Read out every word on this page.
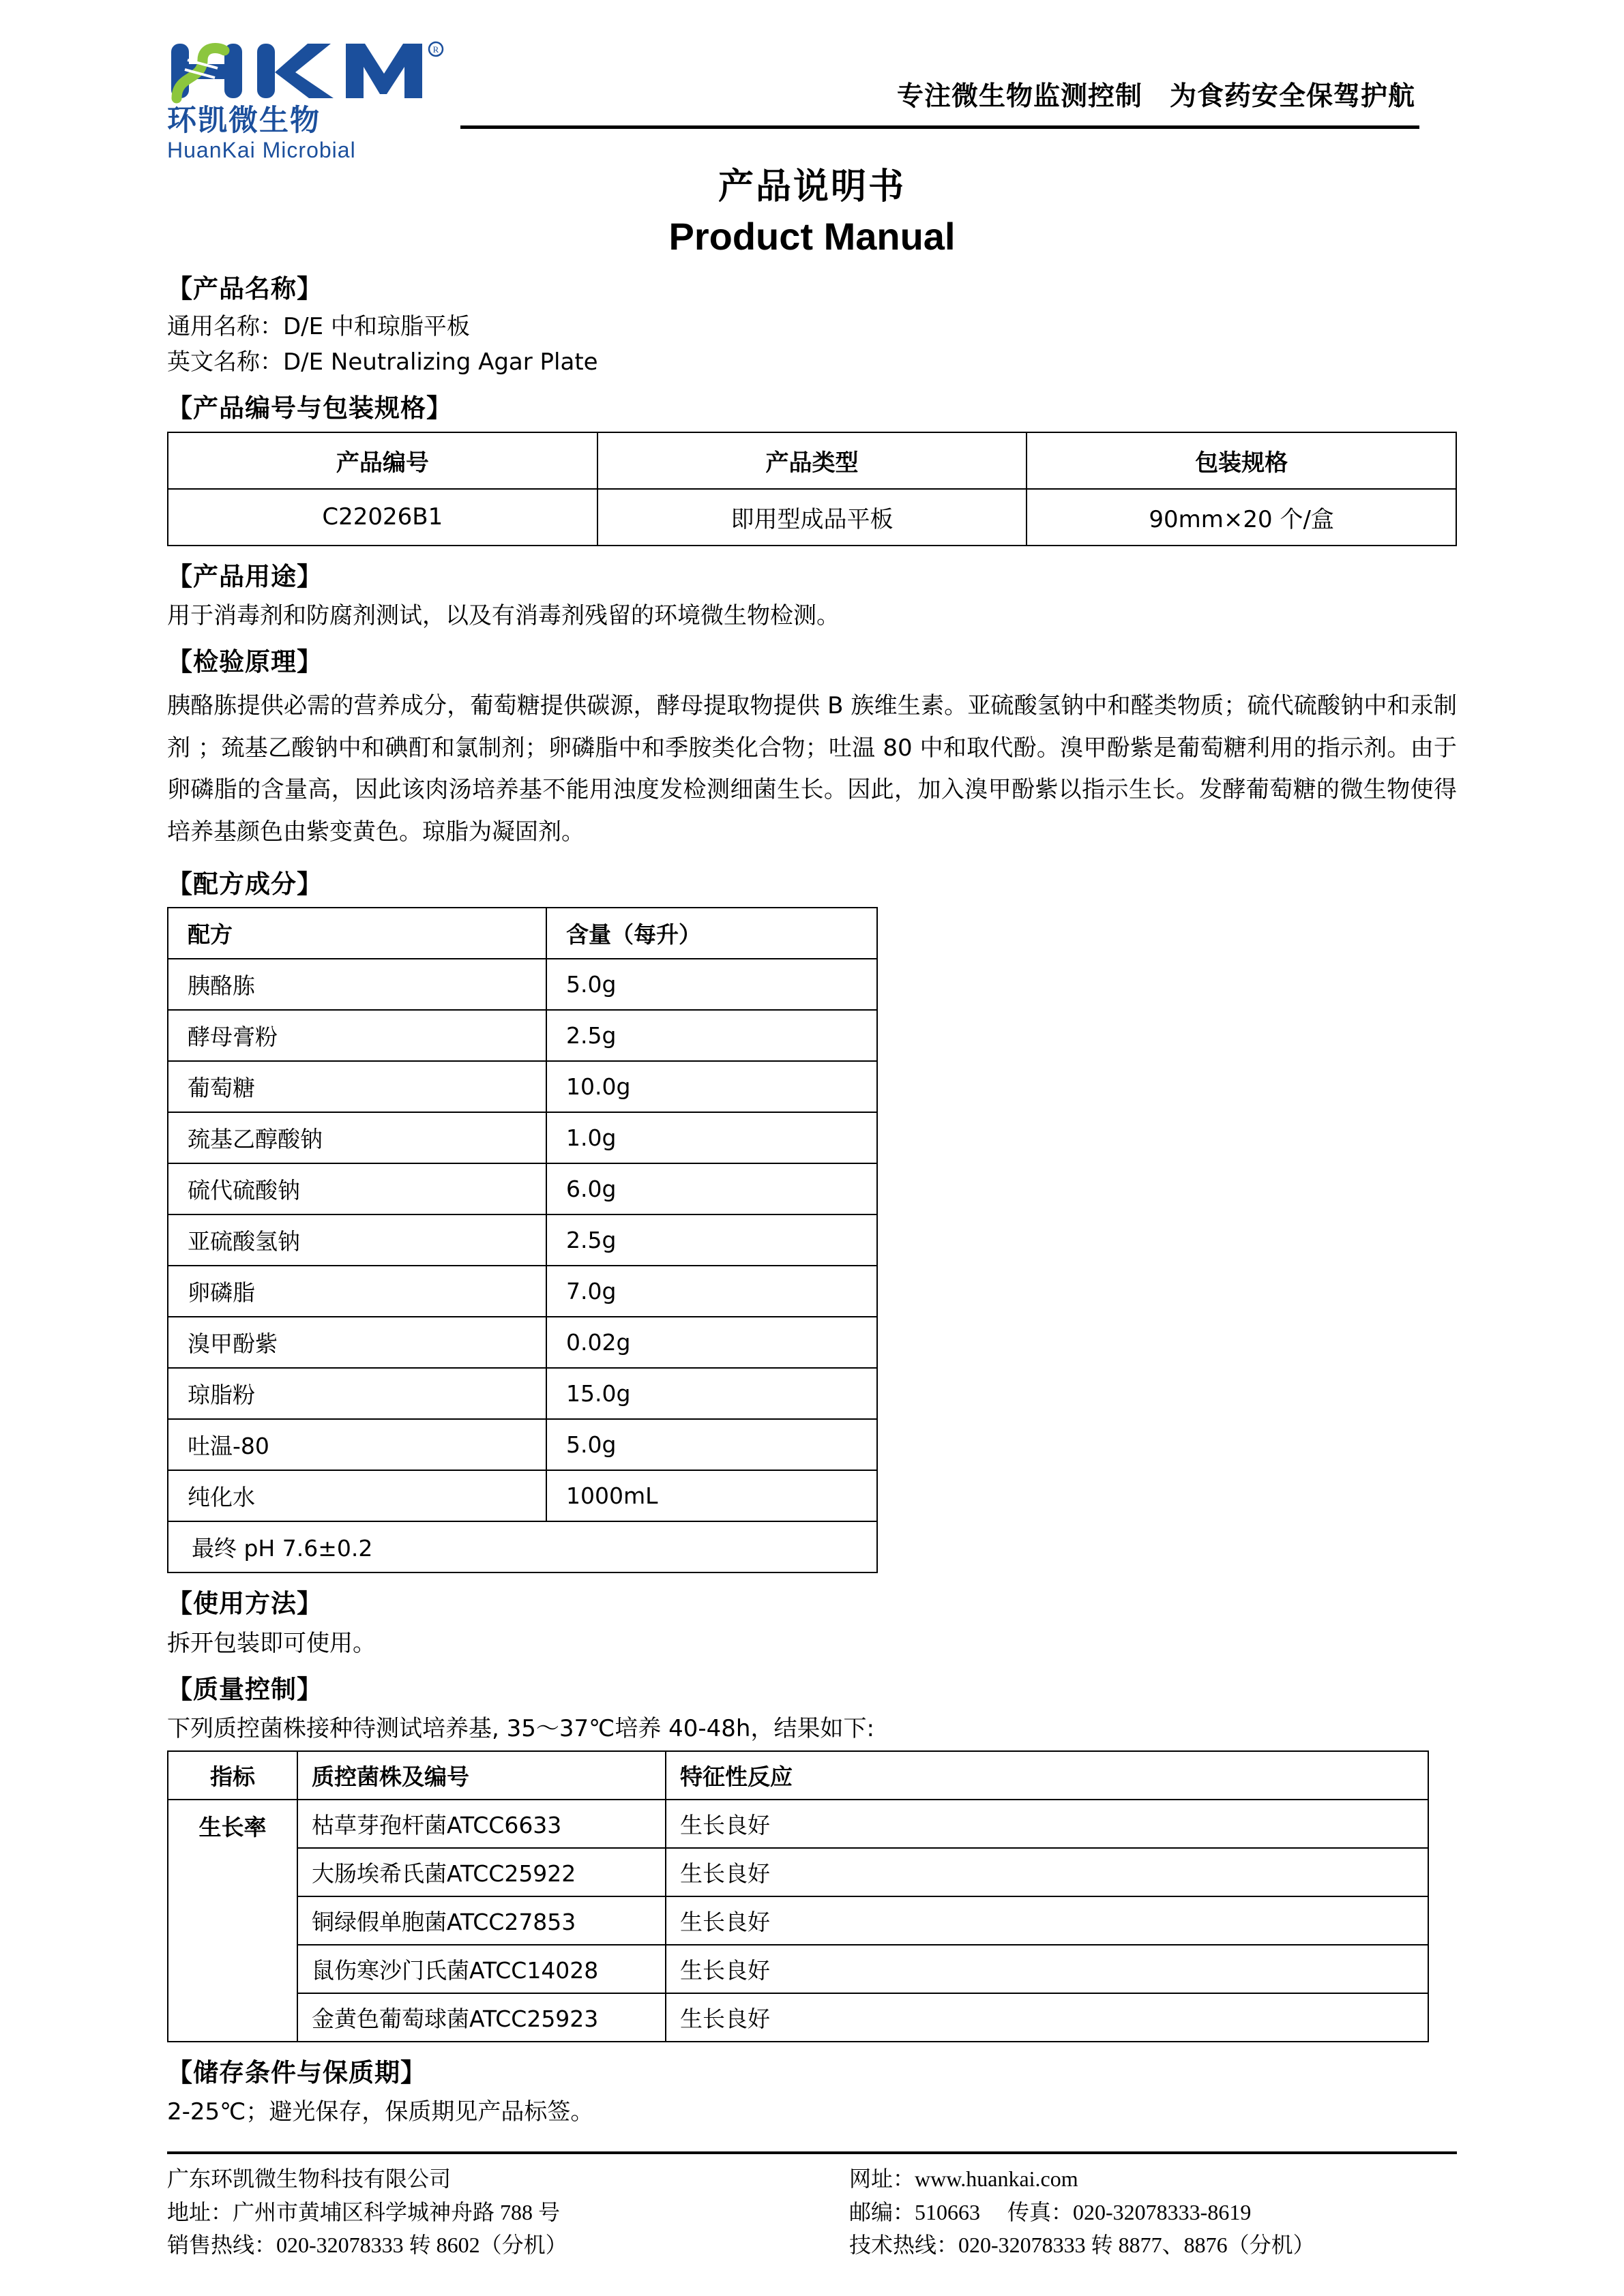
R
环凯微生物
HuanKai Microbial
专注微生物监测控制　为食药安全保驾护航
产品说明书
Product Manual
【产品名称】
通用名称：D/E 中和琼脂平板
英文名称：D/E Neutralizing Agar Plate
【产品编号与包装规格】
产品编号	产品类型	包装规格
C22026B1	即用型成品平板	90mm×20 个/盒
【产品用途】
用于消毒剂和防腐剂测试，以及有消毒剂残留的环境微生物检测。
【检验原理】
胰酪胨提供必需的营养成分，葡萄糖提供碳源，酵母提取物提供 B 族维生素。亚硫酸氢钠中和醛类物质；硫代硫酸钠中和汞制剂 ；巯基乙酸钠中和碘酊和氯制剂；卵磷脂中和季胺类化合物；吐温 80 中和取代酚。溴甲酚紫是葡萄糖利用的指示剂。由于卵磷脂的含量高，因此该肉汤培养基不能用浊度发检测细菌生长。因此，加入溴甲酚紫以指示生长。发酵葡萄糖的微生物使得培养基颜色由紫变黄色。琼脂为凝固剂。
【配方成分】
配方	含量（每升）
胰酪胨	5.0g
酵母膏粉	2.5g
葡萄糖	10.0g
巯基乙醇酸钠	1.0g
硫代硫酸钠	6.0g
亚硫酸氢钠	2.5g
卵磷脂	7.0g
溴甲酚紫	0.02g
琼脂粉	15.0g
吐温-80	5.0g
纯化水	1000mL
最终 pH 7.6±0.2	
【使用方法】
拆开包装即可使用。
【质量控制】
下列质控菌株接种待测试培养基, 35～37℃培养 40-48h，结果如下:
指标	质控菌株及编号	特征性反应
生长率	枯草芽孢杆菌ATCC6633	生长良好
	大肠埃希氏菌ATCC25922	生长良好
	铜绿假单胞菌ATCC27853	生长良好
	鼠伤寒沙门氏菌ATCC14028	生长良好
	金黄色葡萄球菌ATCC25923	生长良好
【储存条件与保质期】
2-25℃；避光保存，保质期见产品标签。
广东环凯微生物科技有限公司
地址：广州市黄埔区科学城神舟路 788 号
销售热线：020-32078333 转 8602（分机）
网址：www.huankai.com
邮编：510663     传真：020-32078333-8619
技术热线：020-32078333 转 8877、8876（分机）
